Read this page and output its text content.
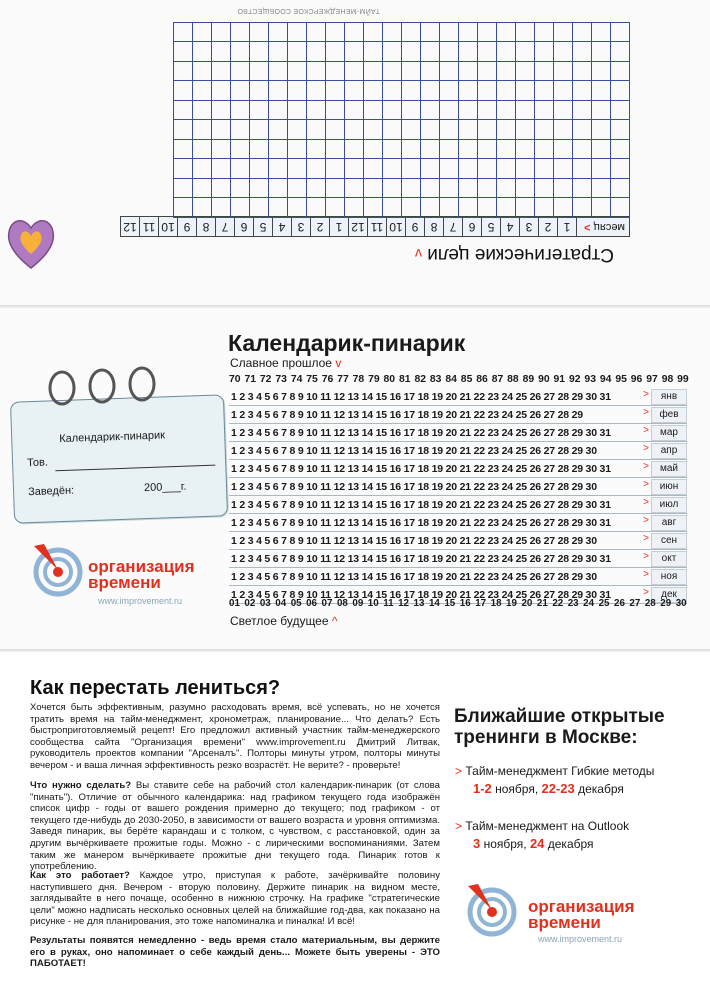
Стратегические цели v
месяц >
1
2
3
4
5
6
7
8
9
10
11
12
1
2
3
4
5
6
7
8
9
10
11
12

ТАЙМ-МЕНЕДЖЕРСКОЕ СООБЩЕСТВО
Календарик-пинарик
Славное прошлое v
70 71 72 73 74 75 76 77 78 79 80 81 82 83 84 85 86 87 88 89 90 91 92 93 94 95 96 97 98 99
1 2 3 4 5 6 7 8 9 10 11 12 13 14 15 16 17 18 19 20 21 22 23 24 25 26 27 28 29 30 31	>	янв
1 2 3 4 5 6 7 8 9 10 11 12 13 14 15 16 17 18 19 20 21 22 23 24 25 26 27 28 29	>	фев
1 2 3 4 5 6 7 8 9 10 11 12 13 14 15 16 17 18 19 20 21 22 23 24 25 26 27 28 29 30 31	>	мар
1 2 3 4 5 6 7 8 9 10 11 12 13 14 15 16 17 18 19 20 21 22 23 24 25 26 27 28 29 30	>	апр
1 2 3 4 5 6 7 8 9 10 11 12 13 14 15 16 17 18 19 20 21 22 23 24 25 26 27 28 29 30 31	>	май
1 2 3 4 5 6 7 8 9 10 11 12 13 14 15 16 17 18 19 20 21 22 23 24 25 26 27 28 29 30	>	июн
1 2 3 4 5 6 7 8 9 10 11 12 13 14 15 16 17 18 19 20 21 22 23 24 25 26 27 28 29 30 31	>	июл
1 2 3 4 5 6 7 8 9 10 11 12 13 14 15 16 17 18 19 20 21 22 23 24 25 26 27 28 29 30 31	>	авг
1 2 3 4 5 6 7 8 9 10 11 12 13 14 15 16 17 18 19 20 21 22 23 24 25 26 27 28 29 30	>	сен
1 2 3 4 5 6 7 8 9 10 11 12 13 14 15 16 17 18 19 20 21 22 23 24 25 26 27 28 29 30 31	>	окт
1 2 3 4 5 6 7 8 9 10 11 12 13 14 15 16 17 18 19 20 21 22 23 24 25 26 27 28 29 30	>	ноя
1 2 3 4 5 6 7 8 9 10 11 12 13 14 15 16 17 18 19 20 21 22 23 24 25 26 27 28 29 30 31	>	дек
01 02 03 04 05 06 07 08 09 10 11 12 13 14 15 16 17 18 19 20 21 22 23 24 25 26 27 28 29 30
Светлое будущее ^
Календарик-пинарик
Тов.
Заведён:	200___г.
организация
времени
www.improvement.ru
Как перестать лениться?
Хочется быть эффективным, разумно расходовать время, всё успевать, но не хочется тратить время на тайм-менеджмент, хронометраж, планирование... Что делать? Есть быстроприготовляемый рецепт! Его предложил активный участник тайм-менеджерского сообщества сайта "Организация времени" www.improvement.ru Дмитрий Литвак, руководитель проектов компании "Арсеналъ". Полторы минуты утром, полторы минуты вечером - и ваша личная эффективность резко возрастёт. Не верите? - проверьте!
Что нужно сделать? Вы ставите себе на рабочий стол календарик-пинарик (от слова "пинать"). Отличие от обычного календарика: над графиком текущего года изображён список цифр - годы от вашего рождения примерно до текущего; под графиком - от текущего где-нибудь до 2030-2050, в зависимости от вашего возраста и уровня оптимизма. Заведя пинарик, вы берёте карандаш и с толком, с чувством, с расстановкой, один за другим вычёркиваете прожитые годы. Можно - с лирическими воспоминаниями. Затем таким же манером вычёркиваете прожитые дни текущего года. Пинарик готов к употреблению.
Как это работает? Каждое утро, приступая к работе, зачёркивайте половину наступившего дня. Вечером - вторую половину. Держите пинарик на видном месте, заглядывайте в него почаще, особенно в нижнюю строчку. На графике "стратегические цели" можно надписать несколько основных целей на ближайшие год-два, как показано на рисунке - не для планирования, это тоже напоминалка и пиналка! И всё!
Результаты появятся немедленно - ведь время стало материальным, вы держите его в руках, оно напоминает о себе каждый день... Можете быть уверены - ЭТО ПАБОТАЕТ!
Ближайшие открытые тренинги в Москве:
> Тайм-менеджмент Гибкие методы
1-2 ноября, 22-23 декабря
> Тайм-менеджмент на Outlook
3 ноября, 24 декабря
организация
времени
www.improvement.ru
